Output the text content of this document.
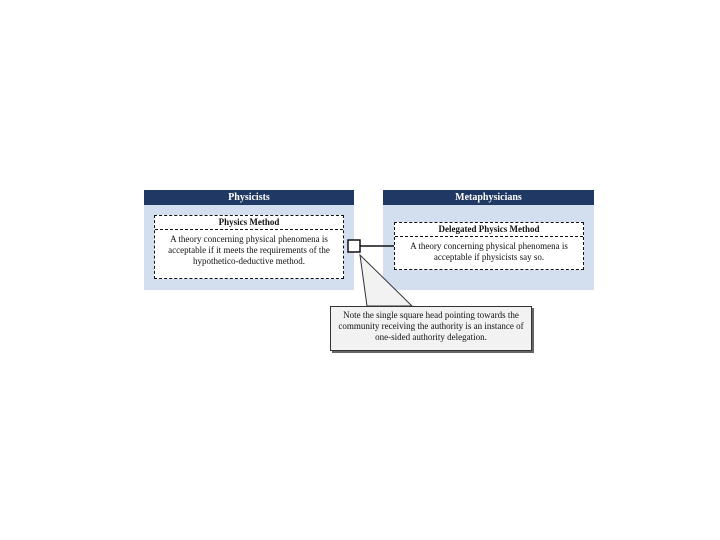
Physicists
Physics Method
A theory concerning physical phenomena is acceptable if it meets the requirements of the hypothetico-deductive method.
Metaphysicians
Delegated Physics Method
A theory concerning physical phenomena is acceptable if physicists say so.
Note the single square head pointing towards the community receiving the authority is an instance of one-sided authority delegation.
